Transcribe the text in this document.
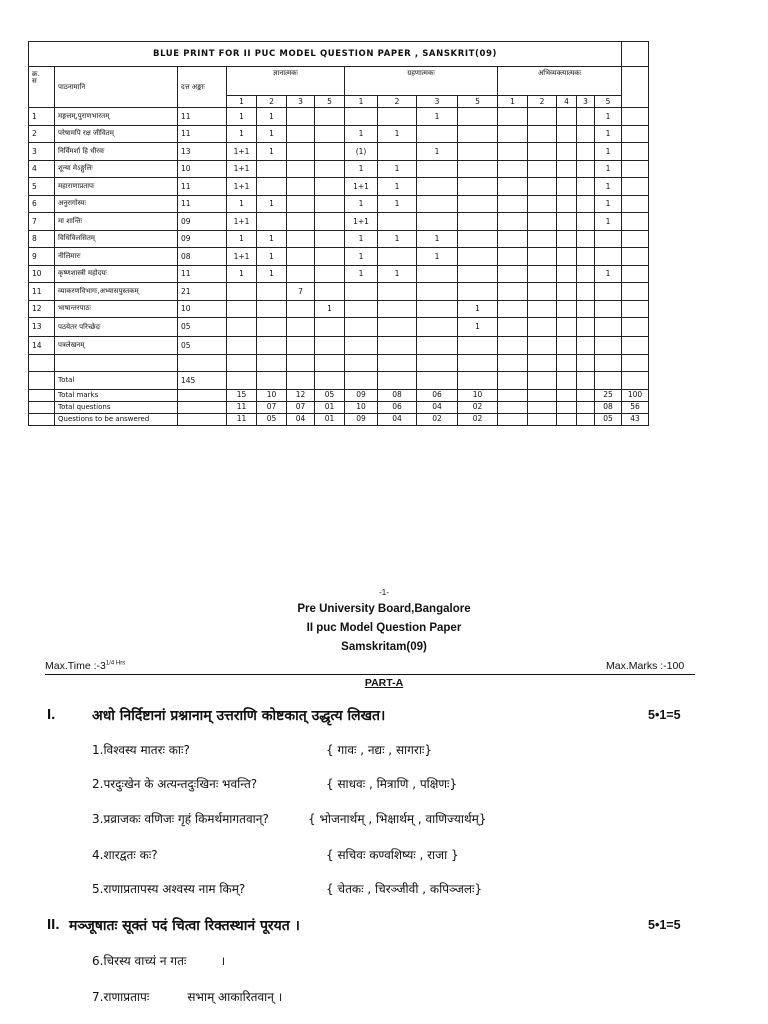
BLUE PRINT FOR II PUC MODEL QUESTION PAPER , SANSKRIT(09)																
क्र.
स	पाठनामानि	दत्त अङ्काः	ज्ञानात्मकः				ग्रहणात्मकः				अभिव्यक्त्यात्मकः					
			1	2	3	5	1	2	3	5	1	2	4	3	5	
1	मङ्गलम्,पुराणभारतम्	11	1	1					1						1	
2	परेषामपि रक्ष जीवितम्	11	1	1			1	1							1	
3	निर्विमर्शा हि धीरवः	13	1+1	1			(1)		1						1	
4	शून्या मेऽङ्गुलिः	10	1+1				1	1							1	
5	महाराणाप्रतापः	11	1+1				1+1	1							1	
6	अनुरागोस्यः	11	1	1			1	1							1	
7	मा शान्तिः	09	1+1				1+1								1	
8	विधिविलसितम्	09	1	1			1	1	1							
9	नीलिमारः	08	1+1	1			1		1							
10	कृष्णशास्त्री महोदयः	11	1	1			1	1							1	
11	व्याकरणविभागः,अभ्यासपुस्तकम्	21			7											
12	भाषान्तरपाठः	10				1				1						
13	पठयेतर परिच्छेदः	05								1						
14	पत्रलेखनम्	05														

	Total	145														
	Total marks		15	10	12	05	09	08	06	10					25	100
	Total questions		11	07	07	01	10	06	04	02					08	56
	Questions to be answered		11	05	04	01	09	04	02	02					05	43
-1-
Pre University Board,Bangalore
II puc Model Question Paper
Samskritam(09)
Max.Time $:-3^{1/4 Hrs}$	Max.Marks :-100
PART-A
I.	अधो निर्दिष्टानां प्रश्नानाम् उत्तराणि कोष्टकात् उद्धृत्य लिखत।	5•1=5
1.विश्वस्य मातरः काः?	{ गावः , नद्यः , सागराः}
2.परदुःखेन के अत्यन्तदुःखिनः भवन्ति?	{ साधवः , मित्राणि , पक्षिणः}
3.प्रव्राजकः वणिजः गृहं किमर्थमागतवान्?	{ भोजनार्थम् , भिक्षार्थम् , वाणिज्यार्थम्}
4.शारद्वतः कः?	{ सचिवः कण्वशिष्यः , राजा }
5.राणाप्रतापस्य अश्वस्य नाम किम्?	{ चेतकः , चिरञ्जीवी , कपिञ्जलः}
II. मञ्जूषातः सूक्तं पदं चित्वा रिक्तस्थानं पूरयत ।	5•1=5
6.चिरस्य वाच्यं न गतः         ।
7.राणाप्रतापः          सभाम् आकारितवान् ।
